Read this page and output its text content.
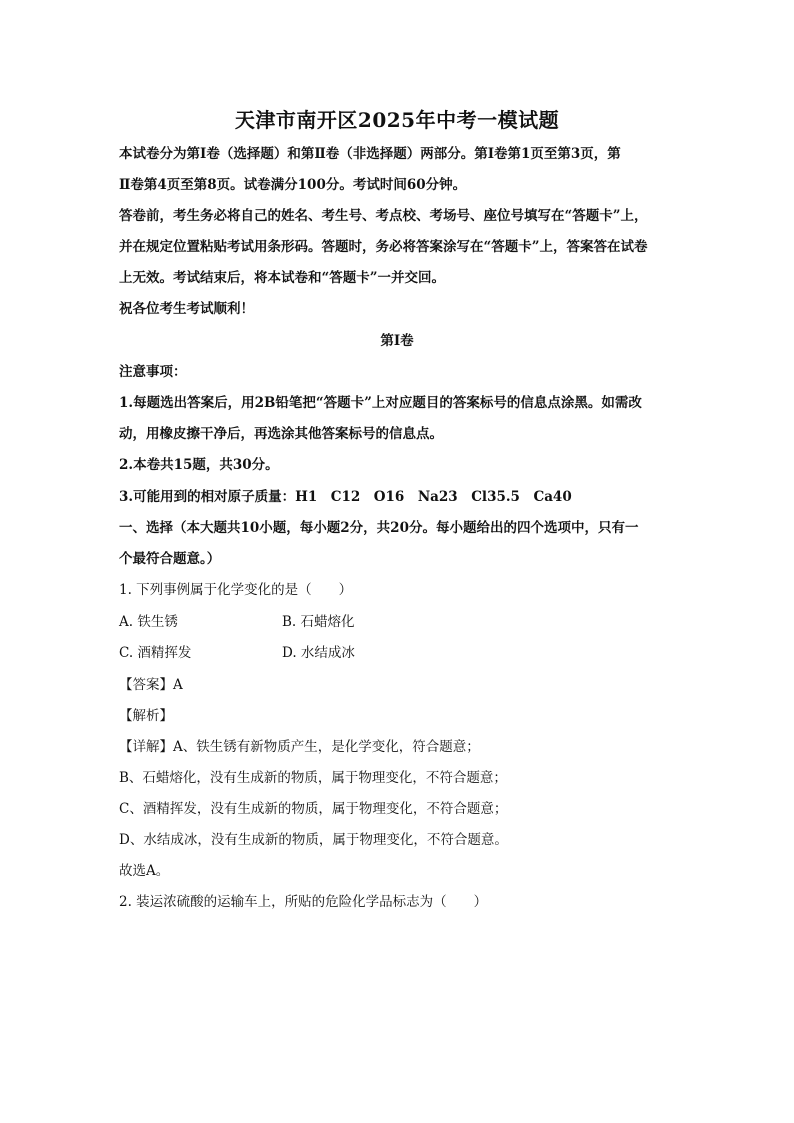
天津市南开区2025年中考一模试题
本试卷分为第Ⅰ卷（选择题）和第Ⅱ卷（非选择题）两部分。第Ⅰ卷第1页至第3页，第
Ⅱ卷第4页至第8页。试卷满分100分。考试时间60分钟。
答卷前，考生务必将自己的姓名、考生号、考点校、考场号、座位号填写在“答题卡”上，
并在规定位置粘贴考试用条形码。答题时，务必将答案涂写在“答题卡”上，答案答在试卷
上无效。考试结束后，将本试卷和“答题卡”一并交回。
祝各位考生考试顺利！
第Ⅰ卷
注意事项：
1.每题选出答案后，用2B铅笔把“答题卡”上对应题目的答案标号的信息点涂黑。如需改
动，用橡皮擦干净后，再选涂其他答案标号的信息点。
2.本卷共15题，共30分。
3.可能用到的相对原子质量：H1　C12　O16　Na23　Cl35.5　Ca40
一、选择（本大题共10小题，每小题2分，共20分。每小题给出的四个选项中，只有一
个最符合题意。）
1. 下列事例属于化学变化的是（　　）
A. 铁生锈	B. 石蜡熔化
C. 酒精挥发	D. 水结成冰
【答案】A
【解析】
【详解】A、铁生锈有新物质产生，是化学变化，符合题意；
B、石蜡熔化，没有生成新的物质，属于物理变化，不符合题意；
C、酒精挥发，没有生成新的物质，属于物理变化，不符合题意；
D、水结成冰，没有生成新的物质，属于物理变化，不符合题意。
故选A。
2. 装运浓硫酸的运输车上，所贴的危险化学品标志为（　　）
